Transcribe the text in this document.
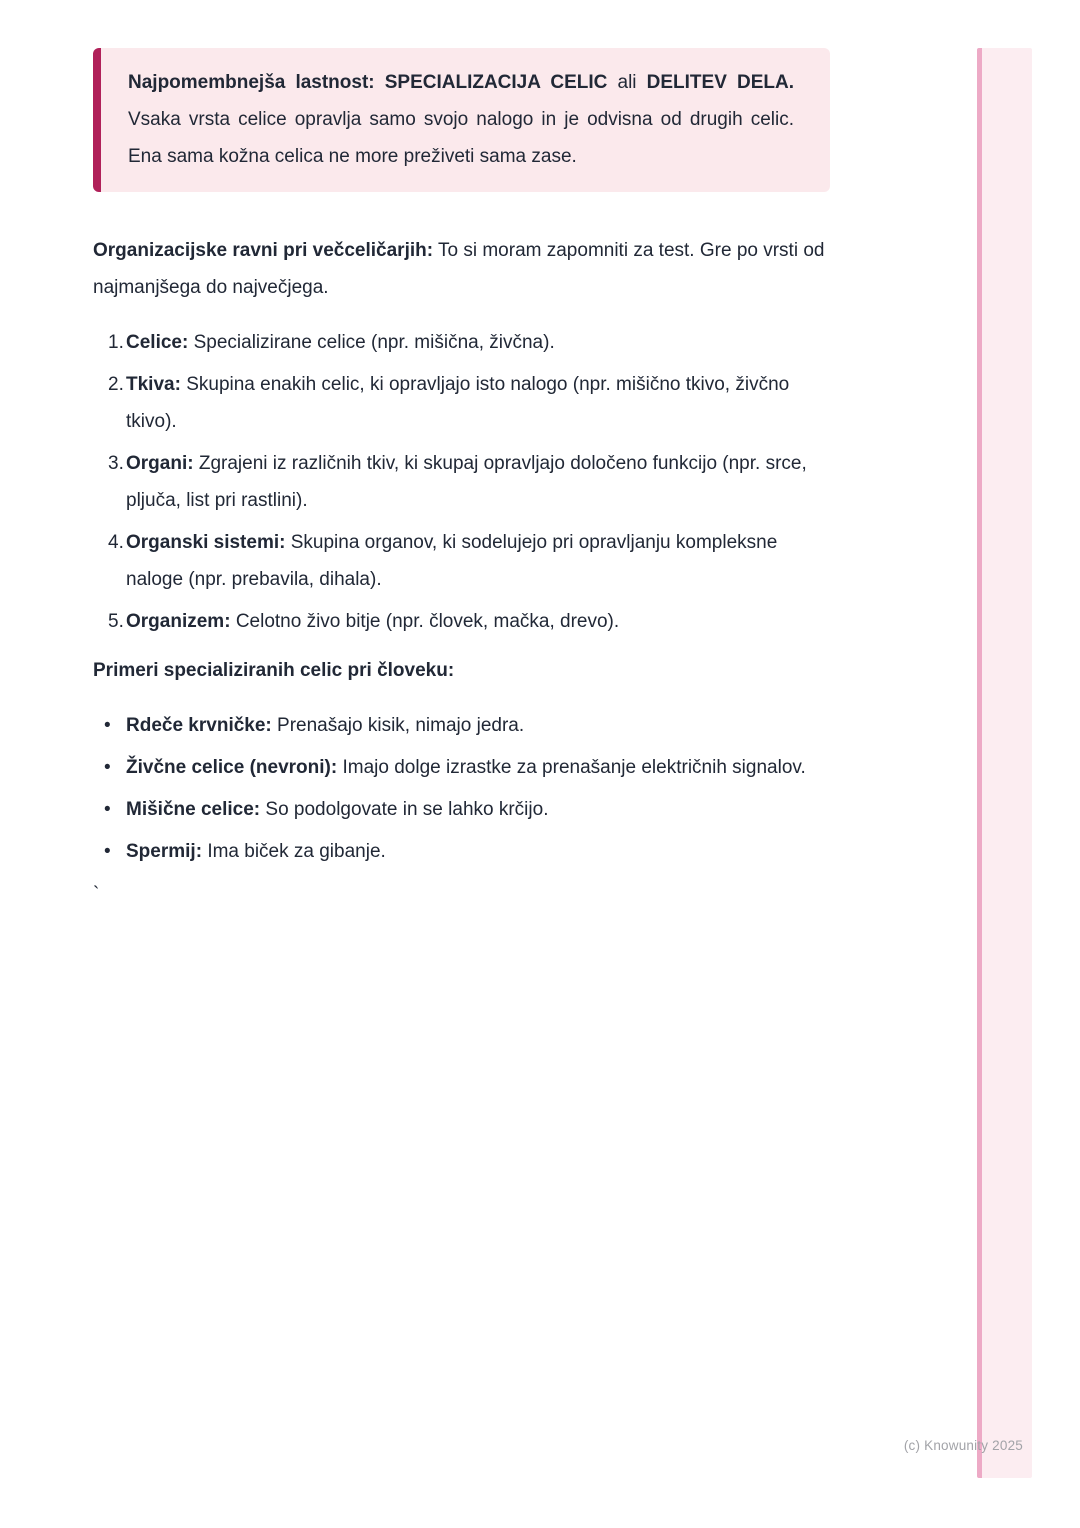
Najpomembnejša lastnost: SPECIALIZACIJA CELIC ali DELITEV DELA. Vsaka vrsta celice opravlja samo svojo nalogo in je odvisna od drugih celic. Ena sama kožna celica ne more preživeti sama zase.

Organizacijske ravni pri večceličarjih: To si moram zapomniti za test. Gre po vrsti od najmanjšega do največjega.

1. Celice: Specializirane celice (npr. mišična, živčna).
2. Tkiva: Skupina enakih celic, ki opravljajo isto nalogo (npr. mišično tkivo, živčno tkivo).
3. Organi: Zgrajeni iz različnih tkiv, ki skupaj opravljajo določeno funkcijo (npr. srce, pljuča, list pri rastlini).
4. Organski sistemi: Skupina organov, ki sodelujejo pri opravljanju kompleksne naloge (npr. prebavila, dihala).
5. Organizem: Celotno živo bitje (npr. človek, mačka, drevo).

Primeri specializiranih celic pri človeku:

• Rdeče krvničke: Prenašajo kisik, nimajo jedra.
• Živčne celice (nevroni): Imajo dolge izrastke za prenašanje električnih signalov.
• Mišične celice: So podolgovate in se lahko krčijo.
• Spermij: Ima biček za gibanje.
`
(c) Knowunity 2025
